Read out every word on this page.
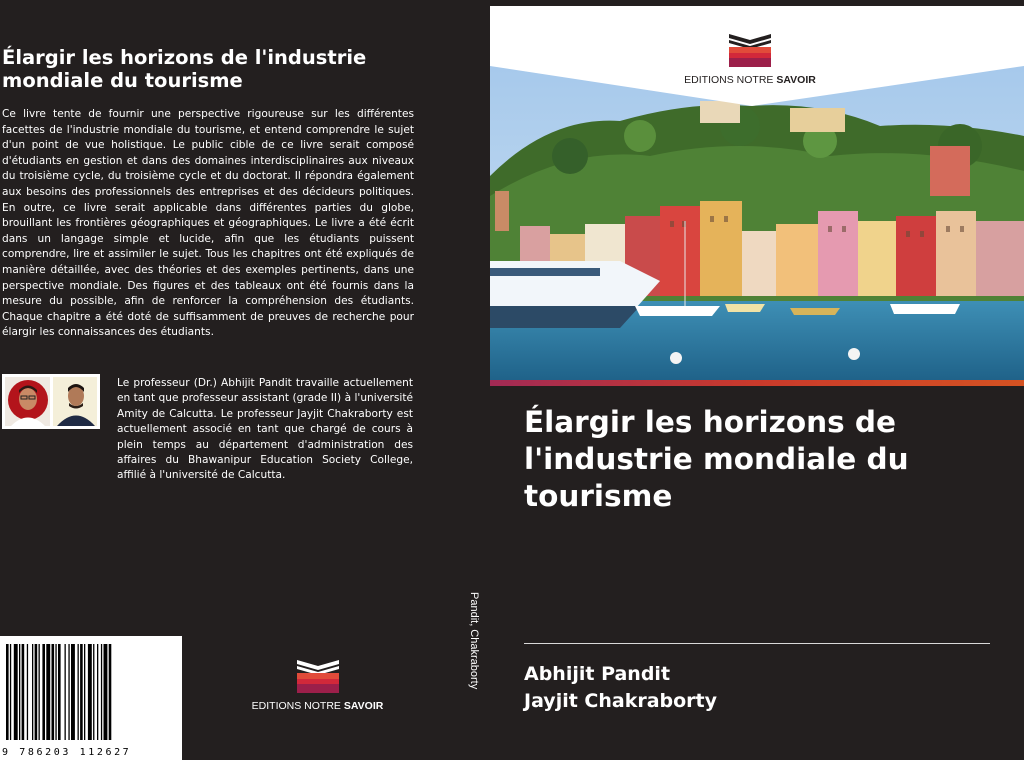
Élargir les horizons de l'industrie mondiale du tourisme

Ce livre tente de fournir une perspective rigoureuse sur les différentes facettes de l'industrie mondiale du tourisme, et entend comprendre le sujet d'un point de vue holistique. Le public cible de ce livre serait composé d'étudiants en gestion et dans des domaines interdisciplinaires aux niveaux du troisième cycle, du troisième cycle et du doctorat. Il répondra également aux besoins des professionnels des entreprises et des décideurs politiques. En outre, ce livre serait applicable dans différentes parties du globe, brouillant les frontières géographiques et géographiques. Le livre a été écrit dans un langage simple et lucide, afin que les étudiants puissent comprendre, lire et assimiler le sujet. Tous les chapitres ont été expliqués de manière détaillée, avec des théories et des exemples pertinents, dans une perspective mondiale. Des figures et des tableaux ont été fournis dans la mesure du possible, afin de renforcer la compréhension des étudiants. Chaque chapitre a été doté de suffisamment de preuves de recherche pour élargir les connaissances des étudiants.

Le professeur (Dr.) Abhijit Pandit travaille actuellement en tant que professeur assistant (grade II) à l'université Amity de Calcutta. Le professeur Jayjit Chakraborty est actuellement associé en tant que chargé de cours à plein temps au département d'administration des affaires du Bhawanipur Education Society College, affilié à l'université de Calcutta.

9 786203 112627
EDITIONS NOTRE SAVOIR
Pandit, Chakraborty
EDITIONS NOTRE SAVOIR
Élargir les horizons de l'industrie mondiale du tourisme
Abhijit Pandit
Jayjit Chakraborty
